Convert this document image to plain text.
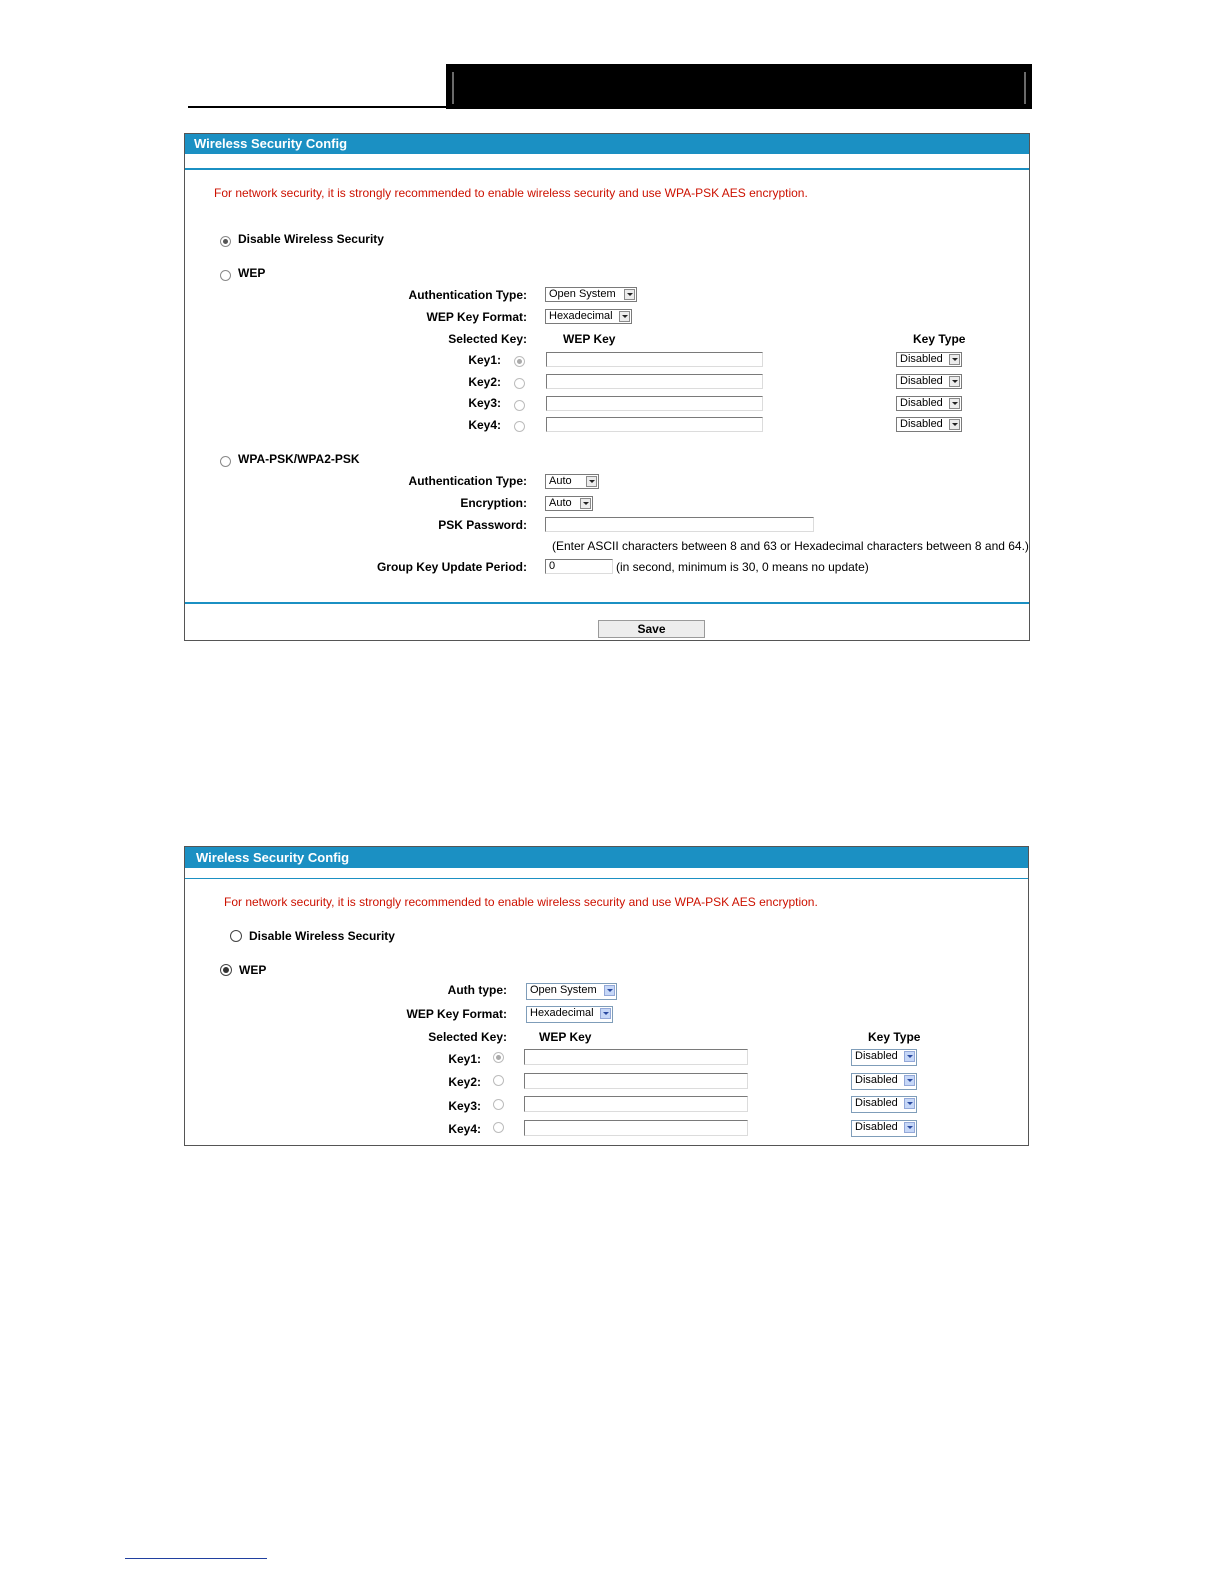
Wireless Security Config
For network security, it is strongly recommended to enable wireless security and use WPA-PSK AES encryption.
Disable Wireless Security
WEP
Authentication Type:	Open System
WEP Key Format:	Hexadecimal
Selected Key:	WEP Key	Key Type
Key1:	Disabled
Key2:	Disabled
Key3:	Disabled
Key4:	Disabled
WPA-PSK/WPA2-PSK
Authentication Type:	Auto
Encryption:	Auto
PSK Password:
(Enter ASCII characters between 8 and 63 or Hexadecimal characters between 8 and 64.)
Group Key Update Period:	0	(in second, minimum is 30, 0 means no update)
Save
Wireless Security Config
For network security, it is strongly recommended to enable wireless security and use WPA-PSK AES encryption.
Disable Wireless Security
WEP
Auth type:	Open System
WEP Key Format:	Hexadecimal
Selected Key:	WEP Key	Key Type
Key1:	Disabled
Key2:	Disabled
Key3:	Disabled
Key4:	Disabled
